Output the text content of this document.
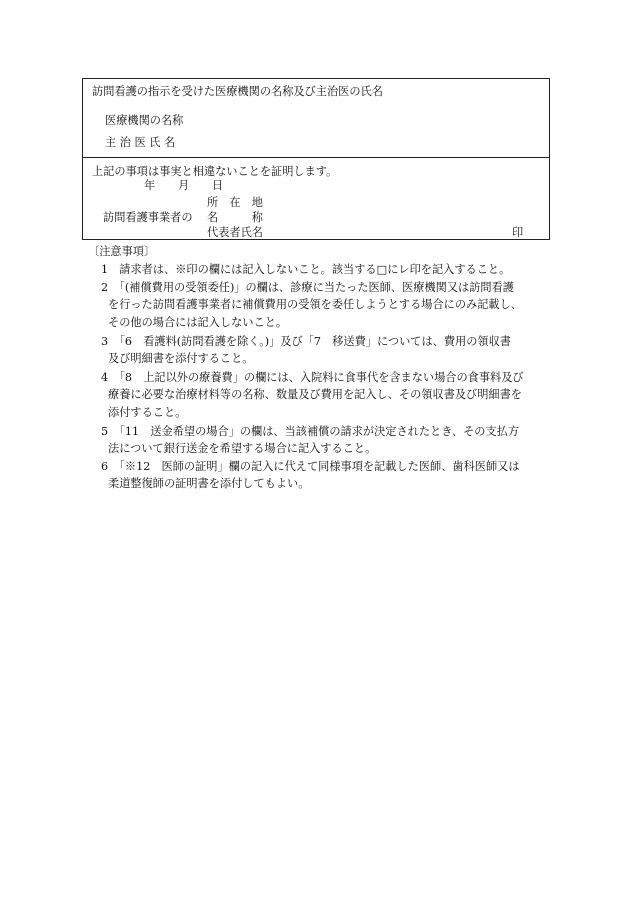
訪問看護の指示を受けた医療機関の名称及び主治医の氏名
医療機関の名称
主 治 医 氏 名
上記の事項は事実と相違ないことを証明します。
年 月 日
所　在　地
訪問看護事業者の 名　　　称
代表者氏名	印
〔注意事項〕
1　請求者は、※印の欄には記入しないこと。該当する□にレ印を記入すること。
2　「(補償費用の受領委任)」の欄は、診療に当たった医師、医療機関又は訪問看護
を行った訪問看護事業者に補償費用の受領を委任しようとする場合にのみ記載し、
その他の場合には記入しないこと。
3　「6　看護料(訪問看護を除く。)」及び「7　移送費」については、費用の領収書
及び明細書を添付すること。
4　「8　上記以外の療養費」の欄には、入院料に食事代を含まない場合の食事料及び
療養に必要な治療材料等の名称、数量及び費用を記入し、その領収書及び明細書を
添付すること。
5　「11　送金希望の場合」の欄は、当該補償の請求が決定されたとき、その支払方
法について銀行送金を希望する場合に記入すること。
6　「※12　医師の証明」欄の記入に代えて同様事項を記載した医師、歯科医師又は
柔道整復師の証明書を添付してもよい。
